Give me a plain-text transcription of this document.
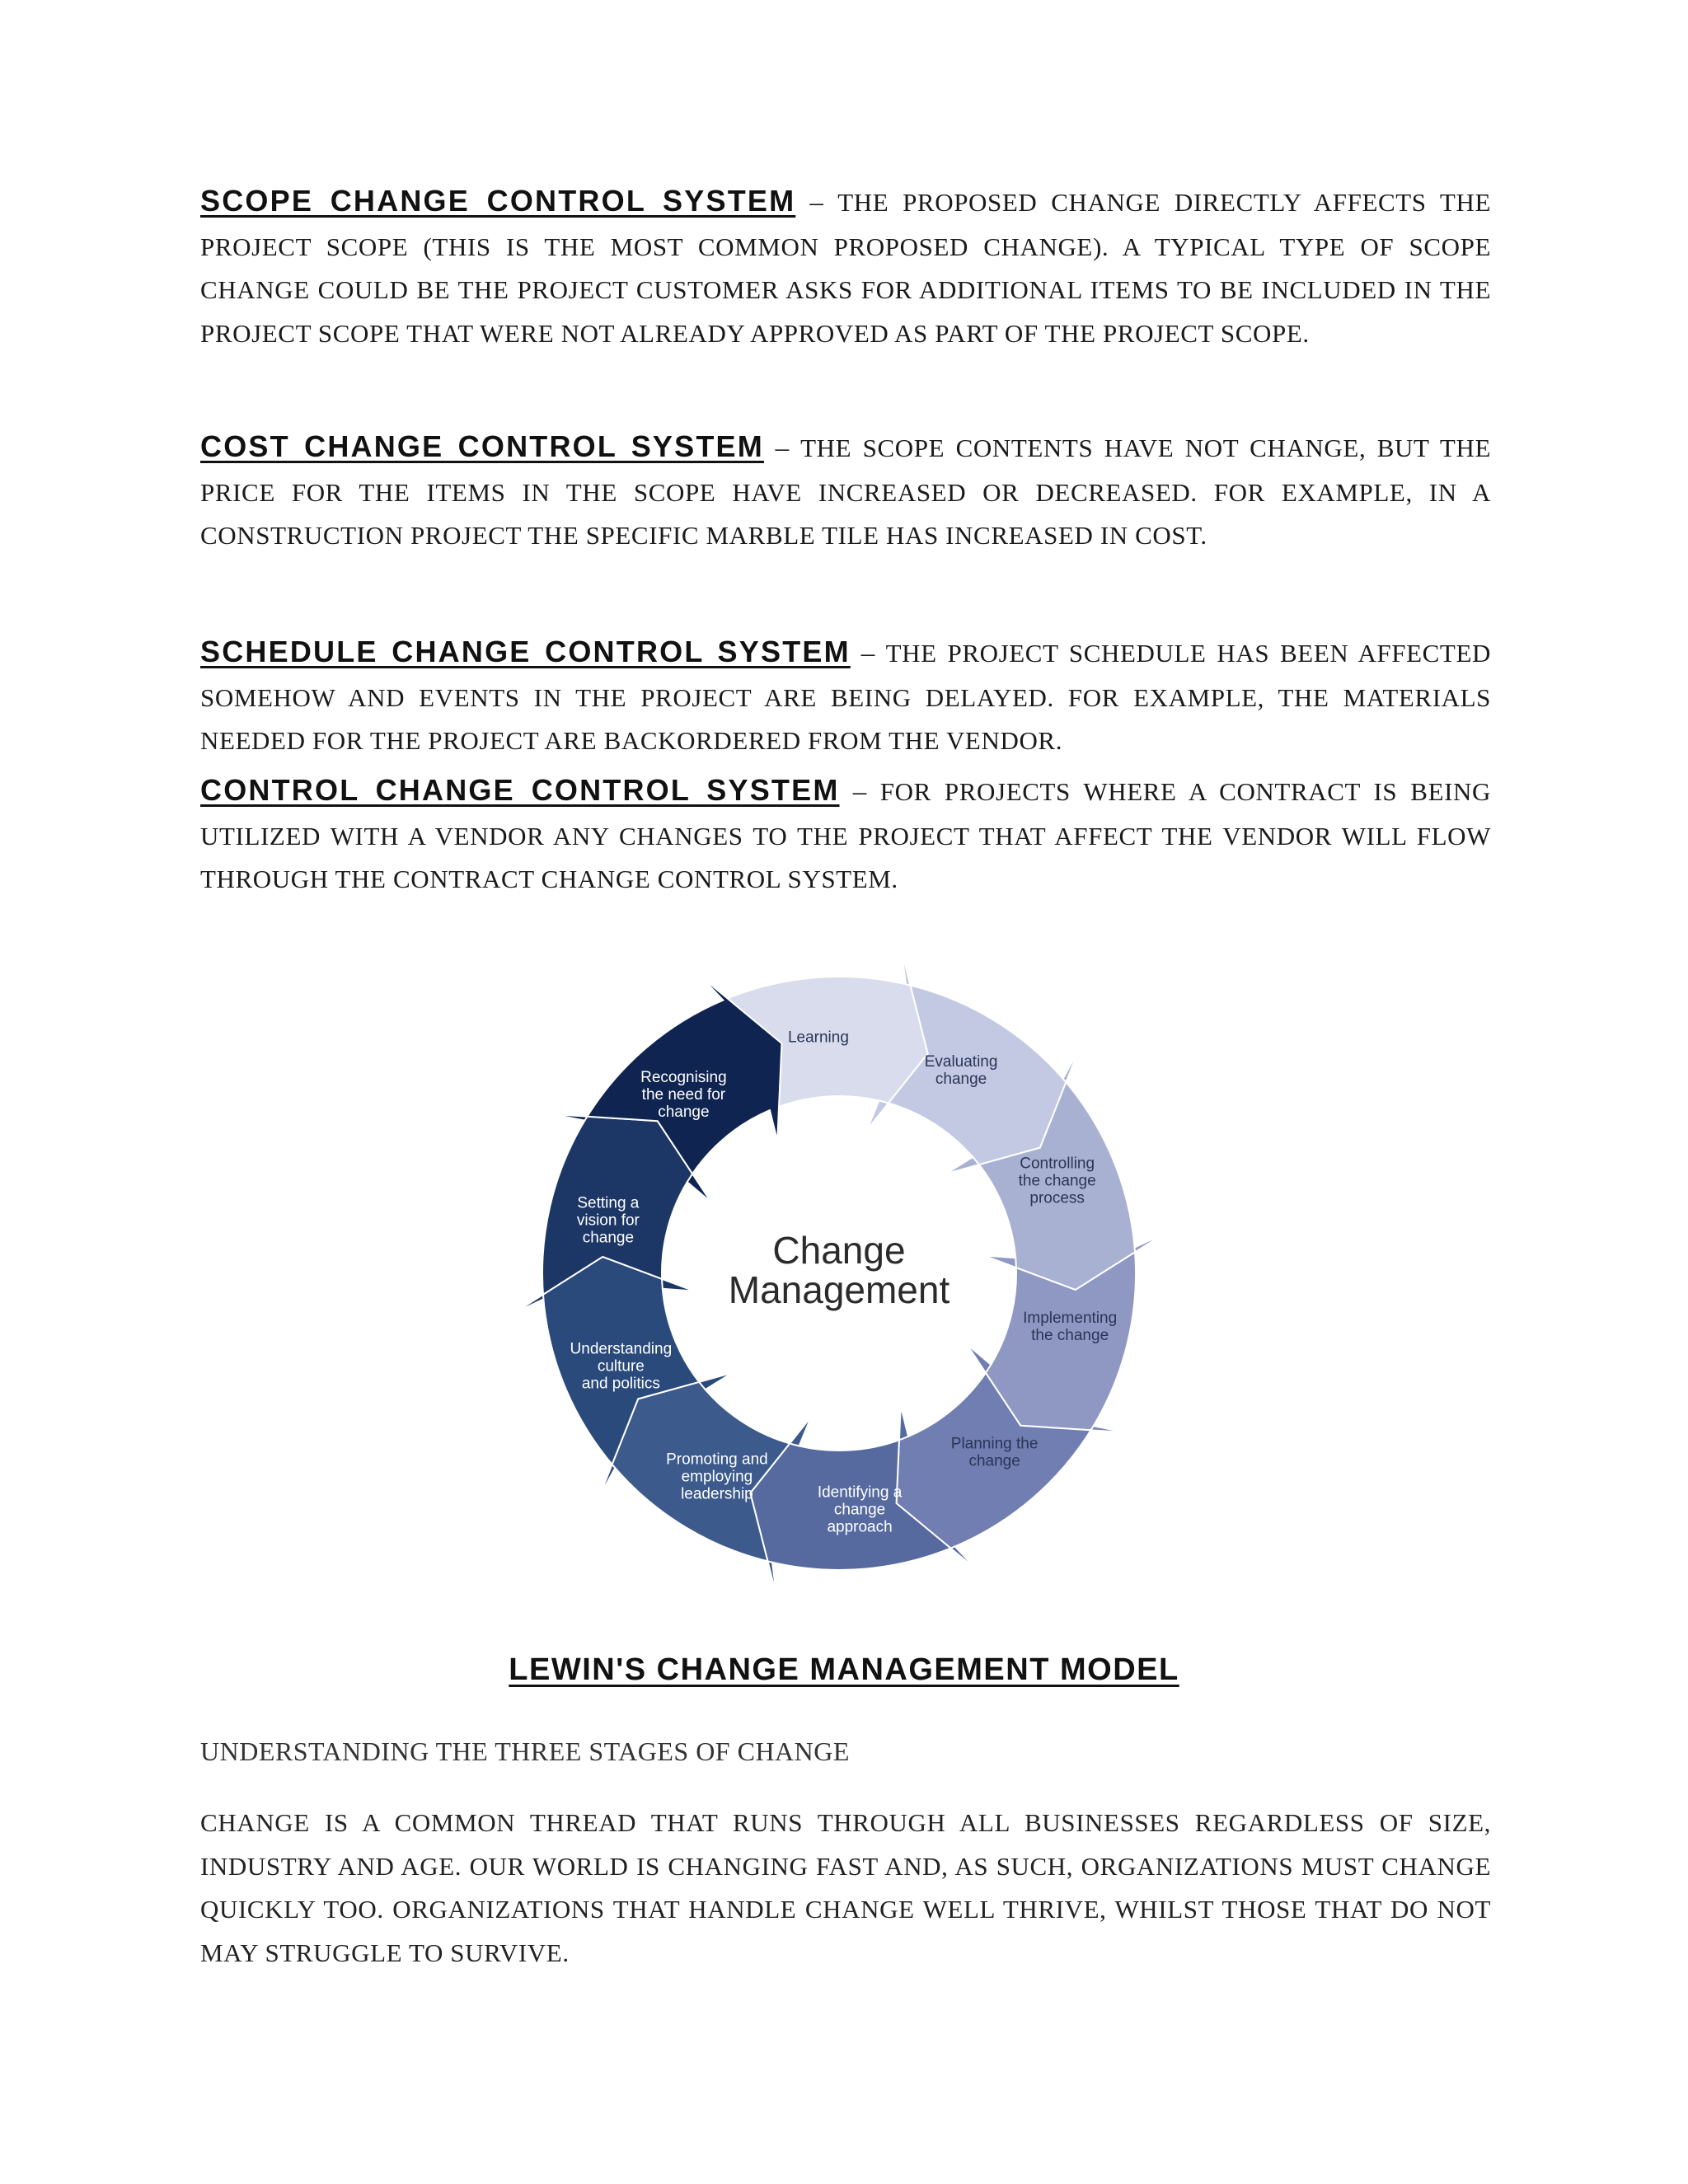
SCOPE CHANGE CONTROL SYSTEM – THE PROPOSED CHANGE DIRECTLY AFFECTS THE PROJECT SCOPE (THIS IS THE MOST COMMON PROPOSED CHANGE). A TYPICAL TYPE OF SCOPE CHANGE COULD BE THE PROJECT CUSTOMER ASKS FOR ADDITIONAL ITEMS TO BE INCLUDED IN THE PROJECT SCOPE THAT WERE NOT ALREADY APPROVED AS PART OF THE PROJECT SCOPE.
COST CHANGE CONTROL SYSTEM – THE SCOPE CONTENTS HAVE NOT CHANGE, BUT THE PRICE FOR THE ITEMS IN THE SCOPE HAVE INCREASED OR DECREASED. FOR EXAMPLE, IN A CONSTRUCTION PROJECT THE SPECIFIC MARBLE TILE HAS INCREASED IN COST.
SCHEDULE CHANGE CONTROL SYSTEM – THE PROJECT SCHEDULE HAS BEEN AFFECTED SOMEHOW AND EVENTS IN THE PROJECT ARE BEING DELAYED. FOR EXAMPLE, THE MATERIALS NEEDED FOR THE PROJECT ARE BACKORDERED FROM THE VENDOR.
CONTROL CHANGE CONTROL SYSTEM – FOR PROJECTS WHERE A CONTRACT IS BEING UTILIZED WITH A VENDOR ANY CHANGES TO THE PROJECT THAT AFFECT THE VENDOR WILL FLOW THROUGH THE CONTRACT CHANGE CONTROL SYSTEM.
Learning
Evaluating change
Controlling the change process
Implementing the change
Planning the change
Identifying a change approach
Promoting and employing leadership
Understanding culture and politics
Setting a vision for change
Recognising the need for change
Change
Management
LEWIN'S CHANGE MANAGEMENT MODEL
UNDERSTANDING THE THREE STAGES OF CHANGE
CHANGE IS A COMMON THREAD THAT RUNS THROUGH ALL BUSINESSES REGARDLESS OF SIZE, INDUSTRY AND AGE. OUR WORLD IS CHANGING FAST AND, AS SUCH, ORGANIZATIONS MUST CHANGE QUICKLY TOO. ORGANIZATIONS THAT HANDLE CHANGE WELL THRIVE, WHILST THOSE THAT DO NOT MAY STRUGGLE TO SURVIVE.
